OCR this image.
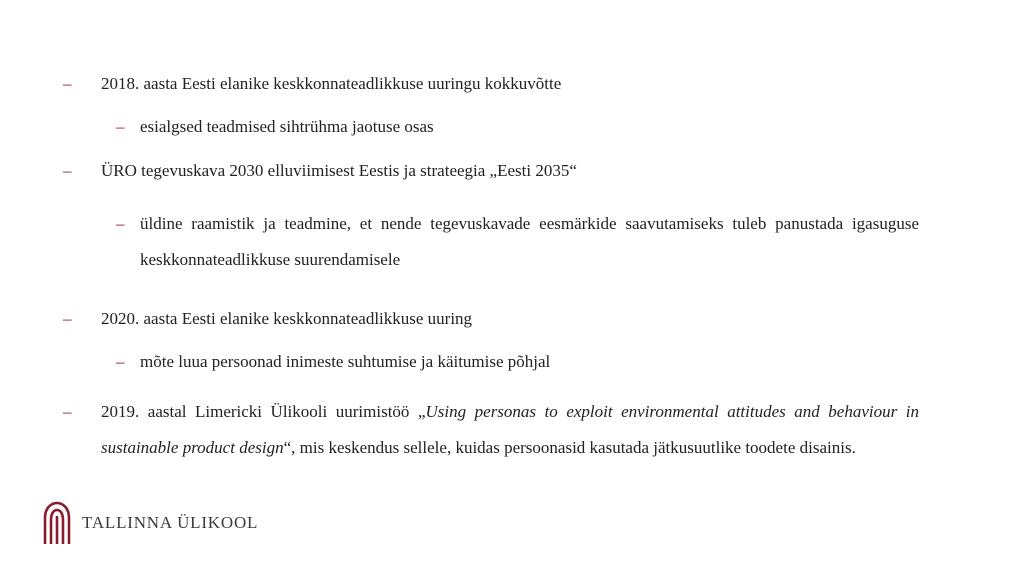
– 2018. aasta Eesti elanike keskkonnateadlikkuse uuringu kokkuvõtte
– esialgsed teadmised sihtrühma jaotuse osas
– ÜRO tegevuskava 2030 elluviimisest Eestis ja strateegia „Eesti 2035“
– üldine raamistik ja teadmine, et nende tegevuskavade eesmärkide saavutamiseks tuleb panustada igasuguse keskkonnateadlikkuse suurendamisele
– 2020. aasta Eesti elanike keskkonnateadlikkuse uuring
– mõte luua persoonad inimeste suhtumise ja käitumise põhjal
– 2019. aastal Limericki Ülikooli uurimistöö „Using personas to exploit environmental attitudes and behaviour in sustainable product design“, mis keskendus sellele, kuidas persoonasid kasutada jätkusuutlike toodete disainis.
TALLINNA ÜLIKOOL
